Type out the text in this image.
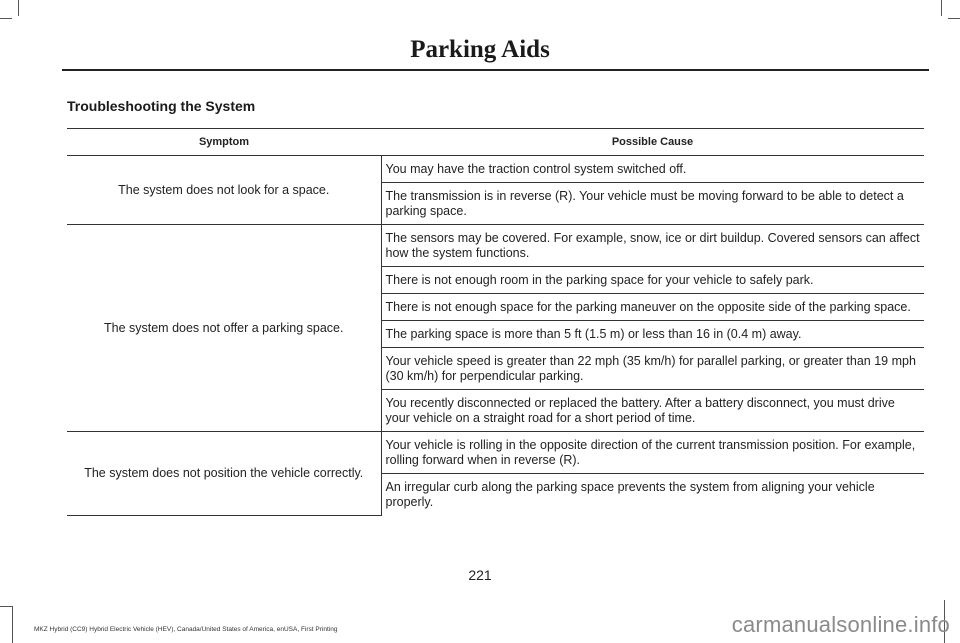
Parking Aids
Troubleshooting the System
Symptom	Possible Cause
The system does not look for a space.	You may have the traction control system switched off.
	The transmission is in reverse (R). Your vehicle must be moving forward to be able to detect a parking space.
The system does not offer a parking space.	The sensors may be covered. For example, snow, ice or dirt buildup. Covered sensors can affect how the system functions.
	There is not enough room in the parking space for your vehicle to safely park.
	There is not enough space for the parking maneuver on the opposite side of the parking space.
	The parking space is more than 5 ft (1.5 m) or less than 16 in (0.4 m) away.
	Your vehicle speed is greater than 22 mph (35 km/h) for parallel parking, or greater than 19 mph (30 km/h) for perpendicular parking.
	You recently disconnected or replaced the battery. After a battery disconnect, you must drive your vehicle on a straight road for a short period of time.
The system does not position the vehicle correctly.	Your vehicle is rolling in the opposite direction of the current transmission position. For example, rolling forward when in reverse (R).
	An irregular curb along the parking space prevents the system from aligning your vehicle properly.
221
MKZ Hybrid (CC9) Hybrid Electric Vehicle (HEV), Canada/United States of America, enUSA, First Printing	carmanualsonline.info
